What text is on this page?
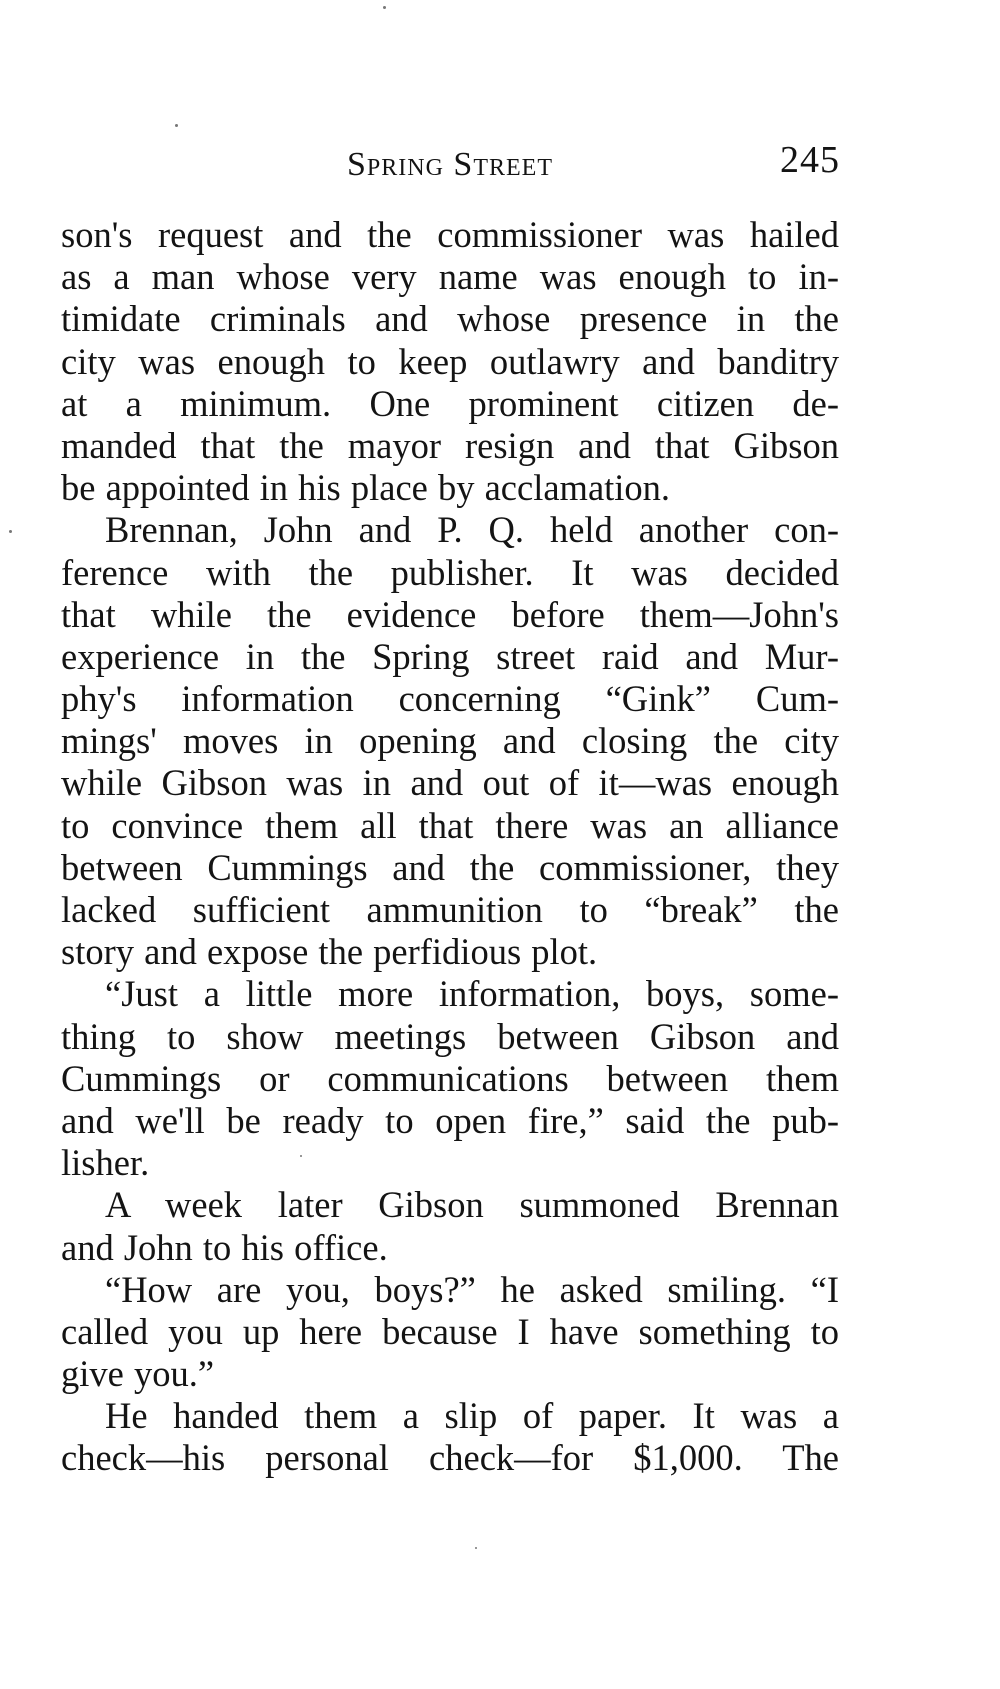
Spring Street	245
son's request and the commissioner was hailed
as a man whose very name was enough to in-
timidate criminals and whose presence in the
city was enough to keep outlawry and banditry
at a minimum. One prominent citizen de-
manded that the mayor resign and that Gibson
be appointed in his place by acclamation.
Brennan, John and P. Q. held another con-
ference with the publisher. It was decided
that while the evidence before them—John's
experience in the Spring street raid and Mur-
phy's information concerning “Gink” Cum-
mings' moves in opening and closing the city
while Gibson was in and out of it—was enough
to convince them all that there was an alliance
between Cummings and the commissioner, they
lacked sufficient ammunition to “break” the
story and expose the perfidious plot.
“Just a little more information, boys, some-
thing to show meetings between Gibson and
Cummings or communications between them
and we'll be ready to open fire,” said the pub-
lisher.
A week later Gibson summoned Brennan
and John to his office.
“How are you, boys?” he asked smiling. “I
called you up here because I have something to
give you.”
He handed them a slip of paper. It was a
check—his personal check—for $1,000. The
